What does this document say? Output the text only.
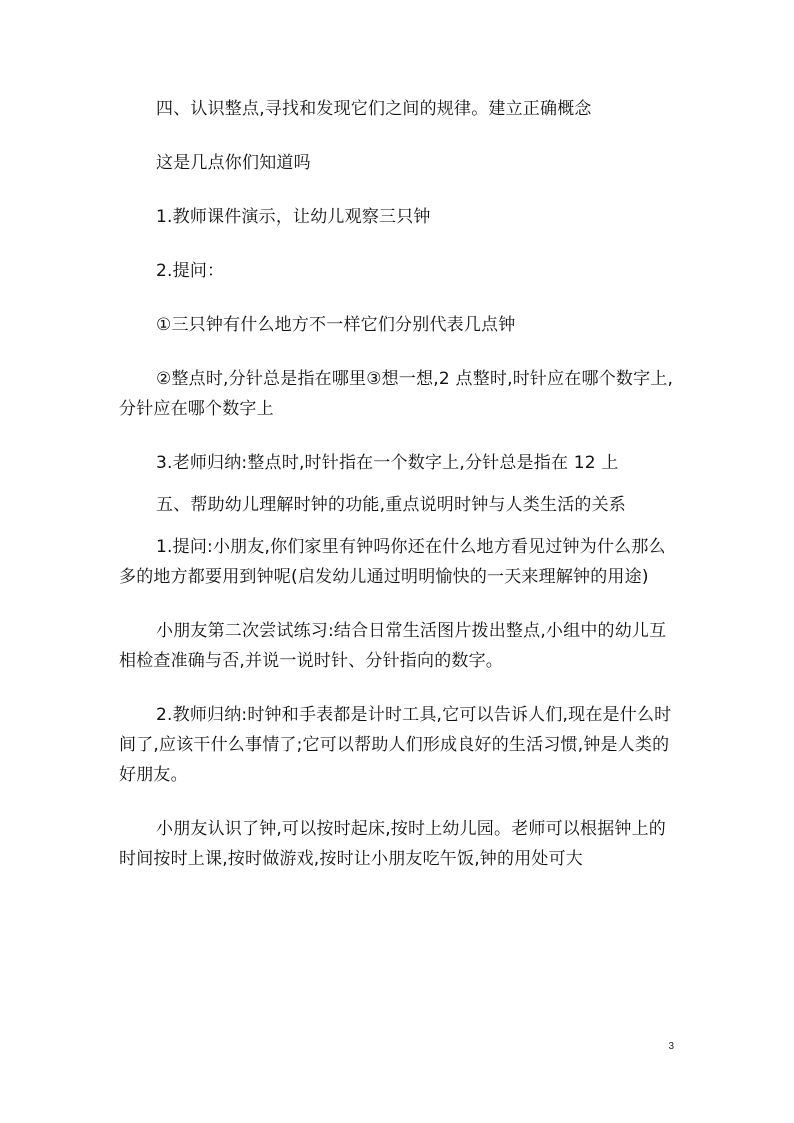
四、认识整点,寻找和发现它们之间的规律。建立正确概念

这是几点你们知道吗

1.教师课件演示，让幼儿观察三只钟

2.提问：

①三只钟有什么地方不一样它们分别代表几点钟

②整点时,分针总是指在哪里③想一想,2 点整时,时针应在哪个数字上,分针应在哪个数字上

3.老师归纳:整点时,时针指在一个数字上,分针总是指在 12 上

五、帮助幼儿理解时钟的功能,重点说明时钟与人类生活的关系

1.提问:小朋友,你们家里有钟吗你还在什么地方看见过钟为什么那么多的地方都要用到钟呢(启发幼儿通过明明愉快的一天来理解钟的用途)

小朋友第二次尝试练习:结合日常生活图片拨出整点,小组中的幼儿互相检查准确与否,并说一说时针、分针指向的数字。

2.教师归纳:时钟和手表都是计时工具,它可以告诉人们,现在是什么时间了,应该干什么事情了;它可以帮助人们形成良好的生活习惯,钟是人类的好朋友。

小朋友认识了钟,可以按时起床,按时上幼儿园。老师可以根据钟上的时间按时上课,按时做游戏,按时让小朋友吃午饭,钟的用处可大

3
